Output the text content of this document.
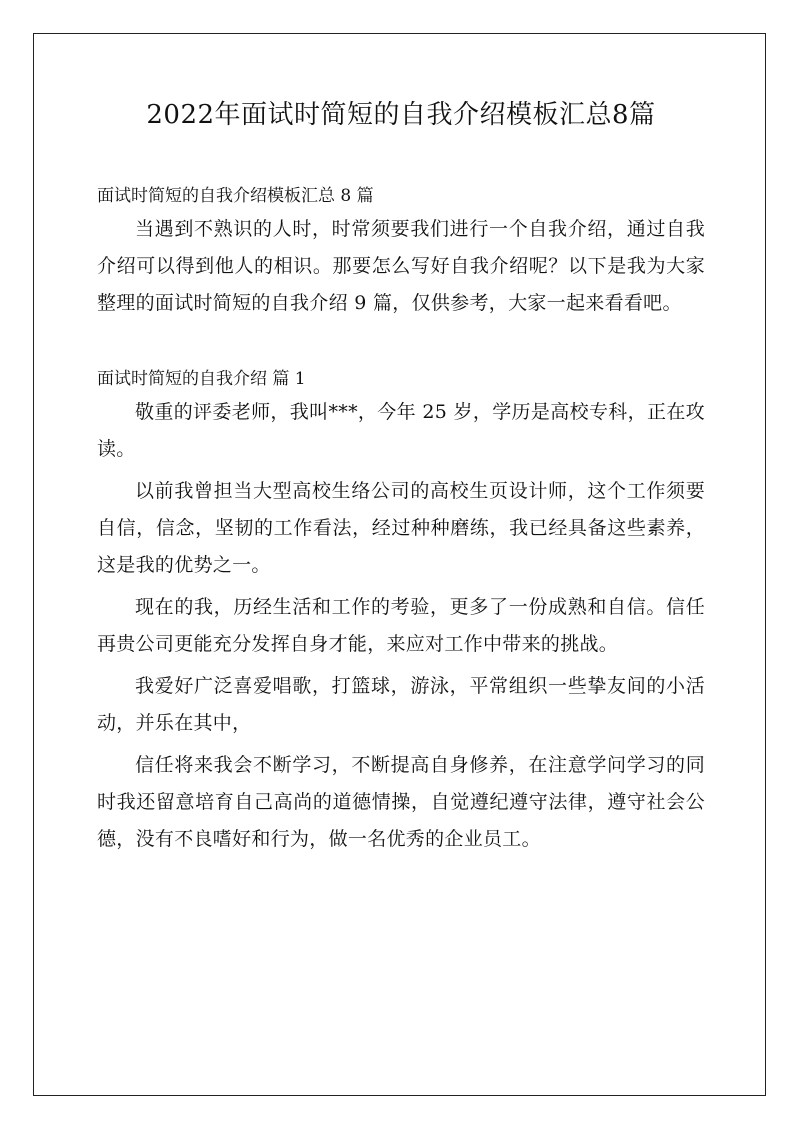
2022年面试时简短的自我介绍模板汇总8篇

面试时简短的自我介绍模板汇总 8 篇

当遇到不熟识的人时，时常须要我们进行一个自我介绍，通过自我介绍可以得到他人的相识。那要怎么写好自我介绍呢？以下是我为大家整理的面试时简短的自我介绍 9 篇，仅供参考，大家一起来看看吧。

面试时简短的自我介绍 篇 1

敬重的评委老师，我叫***，今年 25 岁，学历是高校专科，正在攻读。

以前我曾担当大型高校生络公司的高校生页设计师，这个工作须要自信，信念，坚韧的工作看法，经过种种磨练，我已经具备这些素养，这是我的优势之一。

现在的我，历经生活和工作的考验，更多了一份成熟和自信。信任再贵公司更能充分发挥自身才能，来应对工作中带来的挑战。

我爱好广泛喜爱唱歌，打篮球，游泳，平常组织一些挚友间的小活动，并乐在其中，

信任将来我会不断学习，不断提高自身修养，在注意学问学习的同时我还留意培育自己高尚的道德情操，自觉遵纪遵守法律，遵守社会公德，没有不良嗜好和行为，做一名优秀的企业员工。
